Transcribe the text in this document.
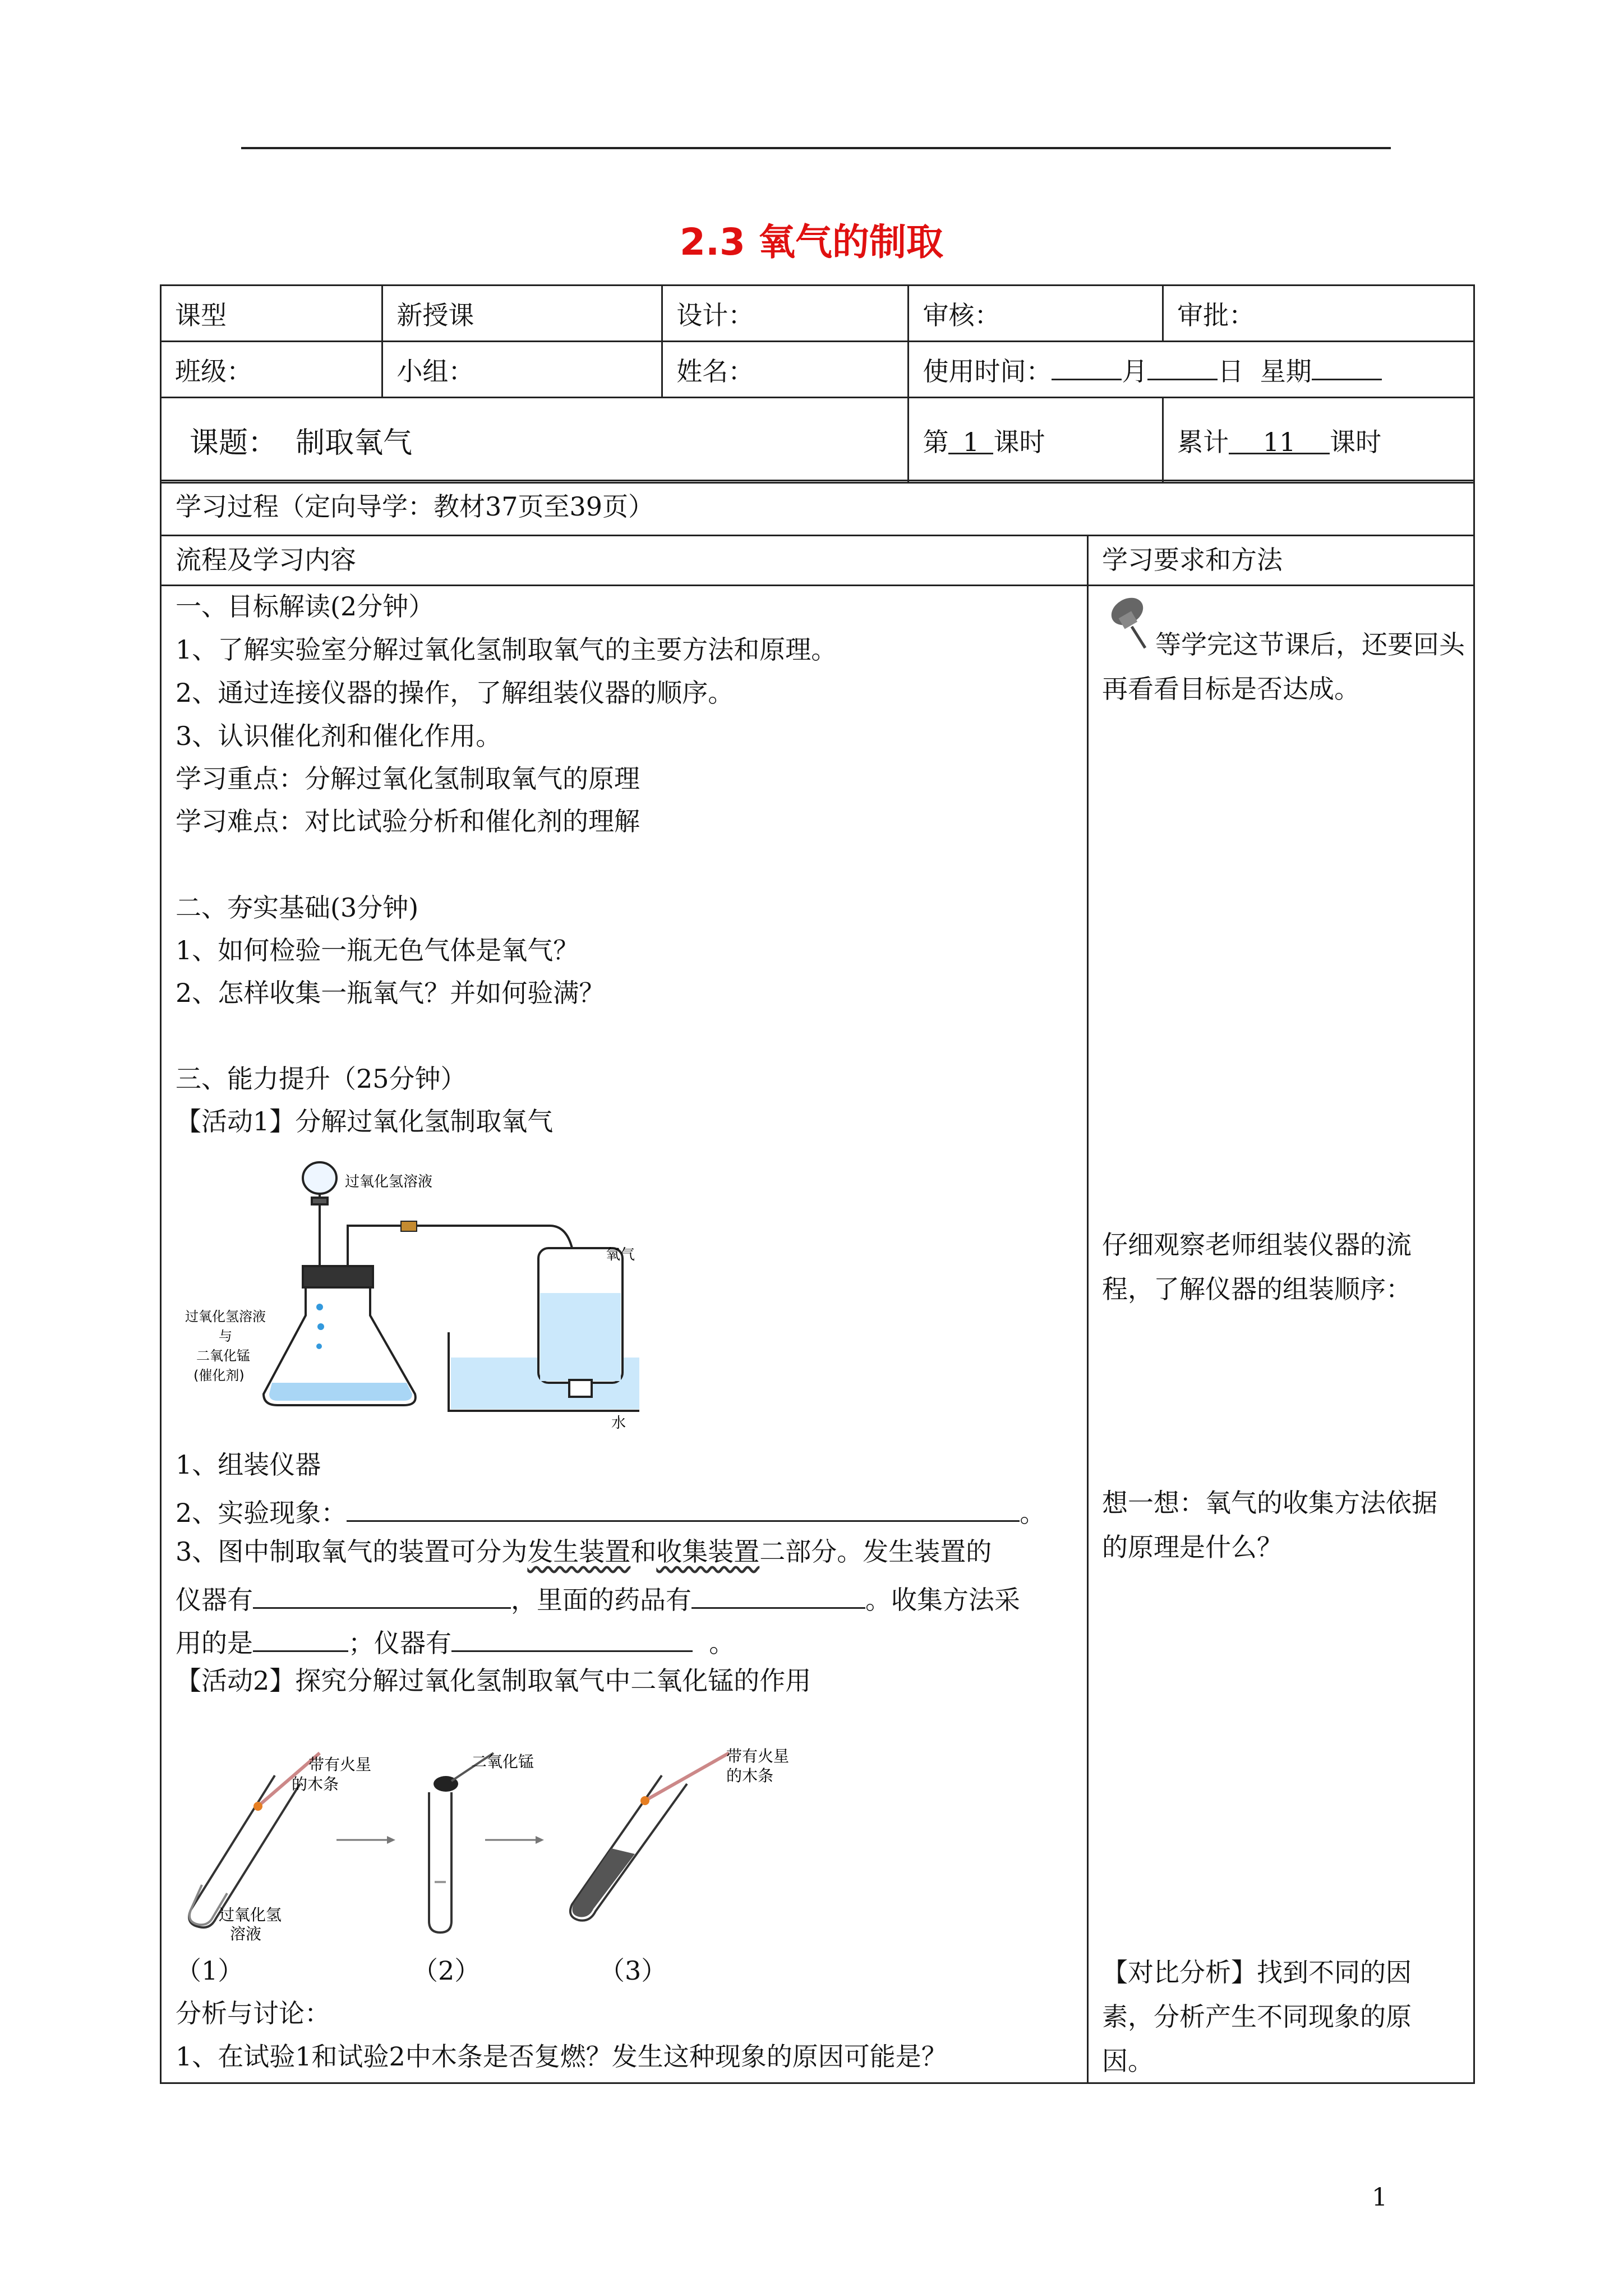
2.3 氧气的制取
课型	新授课	设计：	审核：	审批：
班级：	小组：	姓名：	使用时间： 月 日 星期	
课题： 制取氧气			第 1 课时	累计 11 课时
学习过程（定向导学：教材37页至39页）
流程及学习内容	学习要求和方法
一、目标解读(2分钟）
1、了解实验室分解过氧化氢制取氧气的主要方法和原理。
2、通过连接仪器的操作，了解组装仪器的顺序。
3、认识催化剂和催化作用。
学习重点：分解过氧化氢制取氧气的原理
学习难点：对比试验分析和催化剂的理解
二、夯实基础(3分钟)
1、如何检验一瓶无色气体是氧气？
2、怎样收集一瓶氧气？并如何验满？
三、能力提升（25分钟）
【活动1】分解过氧化氢制取氧气
过氧化氢溶液
过氧化氢溶液
与
二氧化锰
(催化剂)
氧气
水
1、组装仪器
2、实验现象：	。
3、图中制取氧气的装置可分为发生装置和收集装置二部分。发生装置的
仪器有	，里面的药品有	。收集方法采
用的是	；仪器有	。
【活动2】探究分解过氧化氢制取氧气中二氧化锰的作用
带有火星
的木条
二氧化锰	带有火星
的木条
过氧化氢
溶液
（1）	（2）	（3）
分析与讨论：
1、在试验1和试验2中木条是否复燃？发生这种现象的原因可能是？
等学完这节课后，还要回头再看看目标是否达成。
仔细观察老师组装仪器的流程，了解仪器的组装顺序：
想一想：氧气的收集方法依据的原理是什么？
【对比分析】找到不同的因素，分析产生不同现象的原因。
1
